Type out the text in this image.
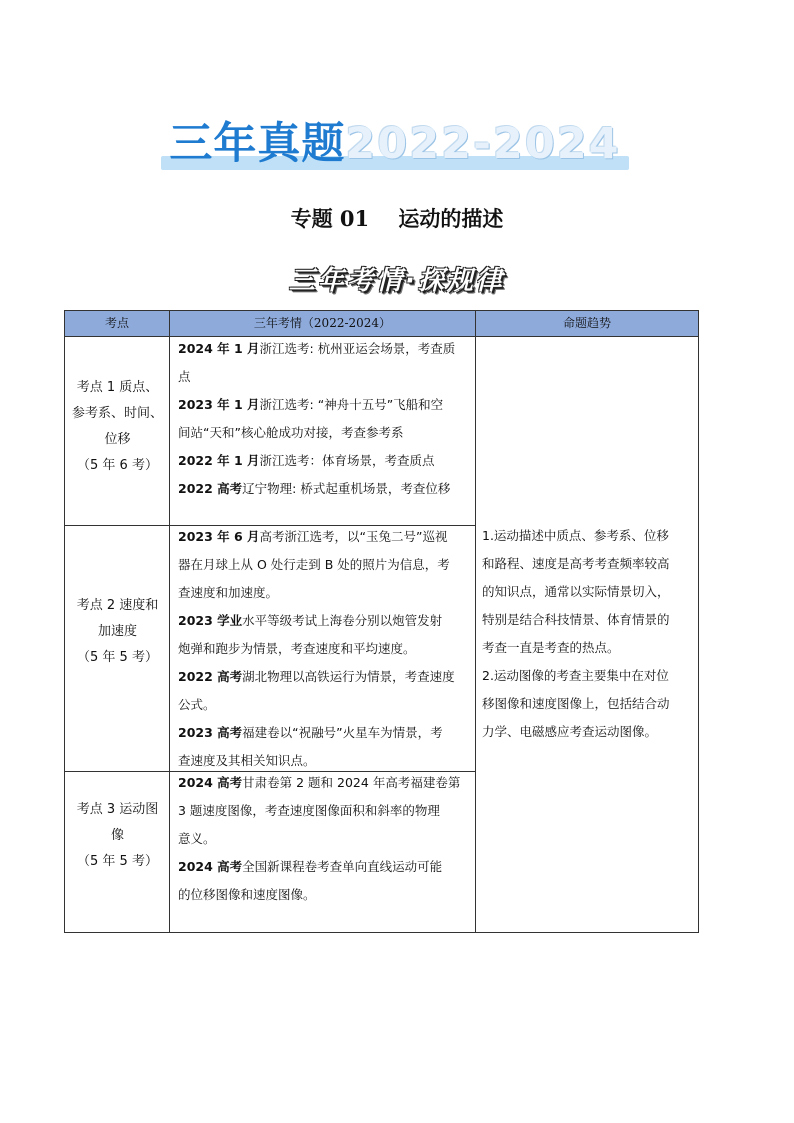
三年真题2022-2024
专题 01    运动的描述
三年考情·探规律
考点	三年考情（2022-2024）	命题趋势
考点 1 质点、
参考系、时间、
位移
（5 年 6 考）

2024 年 1 月浙江选考: 杭州亚运会场景，考查质

点

2023 年 1 月浙江选考: “神舟十五号”飞船和空

间站“天和”核心舱成功对接，考查参考系

2022 年 1 月浙江选考：体育场景，考查质点

2022 高考辽宁物理: 桥式起重机场景，考查位移

考点 2 速度和
加速度
（5 年 5 考）

2023 年 6 月高考浙江选考，以“玉兔二号”巡视

器在月球上从 O 处行走到 B 处的照片为信息，考

查速度和加速度。

2023 学业水平等级考试上海卷分别以炮管发射

炮弹和跑步为情景，考查速度和平均速度。

2022 高考湖北物理以高铁运行为情景，考查速度

公式。

2023 高考福建卷以“祝融号”火星车为情景，考

查速度及其相关知识点。

考点 3 运动图
像
（5 年 5 考）

2024 高考甘肃卷第 2 题和 2024 年高考福建卷第

3 题速度图像，考查速度图像面积和斜率的物理

意义。

2024 高考全国新课程卷考查单向直线运动可能

的位移图像和速度图像。

1.运动描述中质点、参考系、位移

和路程、速度是高考考查频率较高

的知识点，通常以实际情景切入，

特别是结合科技情景、体育情景的

考查一直是考查的热点。

2.运动图像的考查主要集中在对位

移图像和速度图像上，包括结合动

力学、电磁感应考查运动图像。
